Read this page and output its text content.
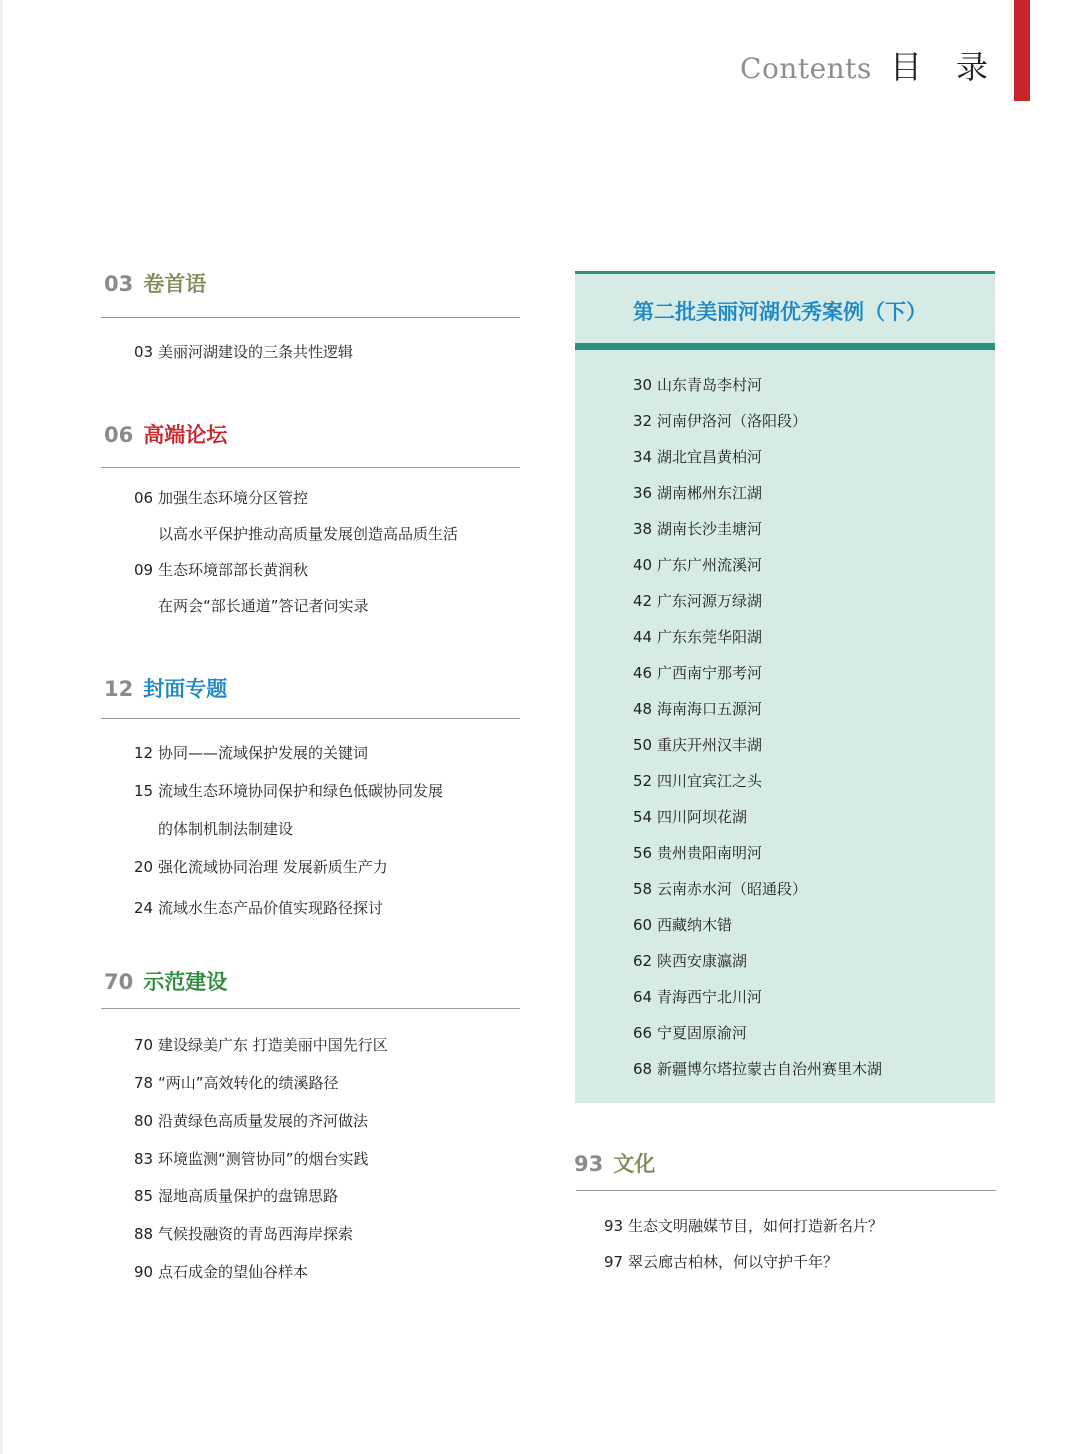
Contents 目 录
03 卷首语
03 美丽河湖建设的三条共性逻辑
06 高端论坛
06 加强生态环境分区管控
以高水平保护推动高质量发展创造高品质生活
09 生态环境部部长黄润秋
在两会“部长通道”答记者问实录
12 封面专题
12 协同——流域保护发展的关键词
15 流域生态环境协同保护和绿色低碳协同发展
的体制机制法制建设
20 强化流域协同治理 发展新质生产力
24 流域水生态产品价值实现路径探讨
70 示范建设
70 建设绿美广东 打造美丽中国先行区
78 “两山”高效转化的绩溪路径
80 沿黄绿色高质量发展的齐河做法
83 环境监测“测管协同”的烟台实践
85 湿地高质量保护的盘锦思路
88 气候投融资的青岛西海岸探索
90 点石成金的望仙谷样本
第二批美丽河湖优秀案例（下）
30 山东青岛李村河
32 河南伊洛河（洛阳段）
34 湖北宜昌黄柏河
36 湖南郴州东江湖
38 湖南长沙圭塘河
40 广东广州流溪河
42 广东河源万绿湖
44 广东东莞华阳湖
46 广西南宁那考河
48 海南海口五源河
50 重庆开州汉丰湖
52 四川宜宾江之头
54 四川阿坝花湖
56 贵州贵阳南明河
58 云南赤水河（昭通段）
60 西藏纳木错
62 陕西安康瀛湖
64 青海西宁北川河
66 宁夏固原渝河
68 新疆博尔塔拉蒙古自治州赛里木湖
93 文化
93 生态文明融媒节目，如何打造新名片？
97 翠云廊古柏林，何以守护千年？
